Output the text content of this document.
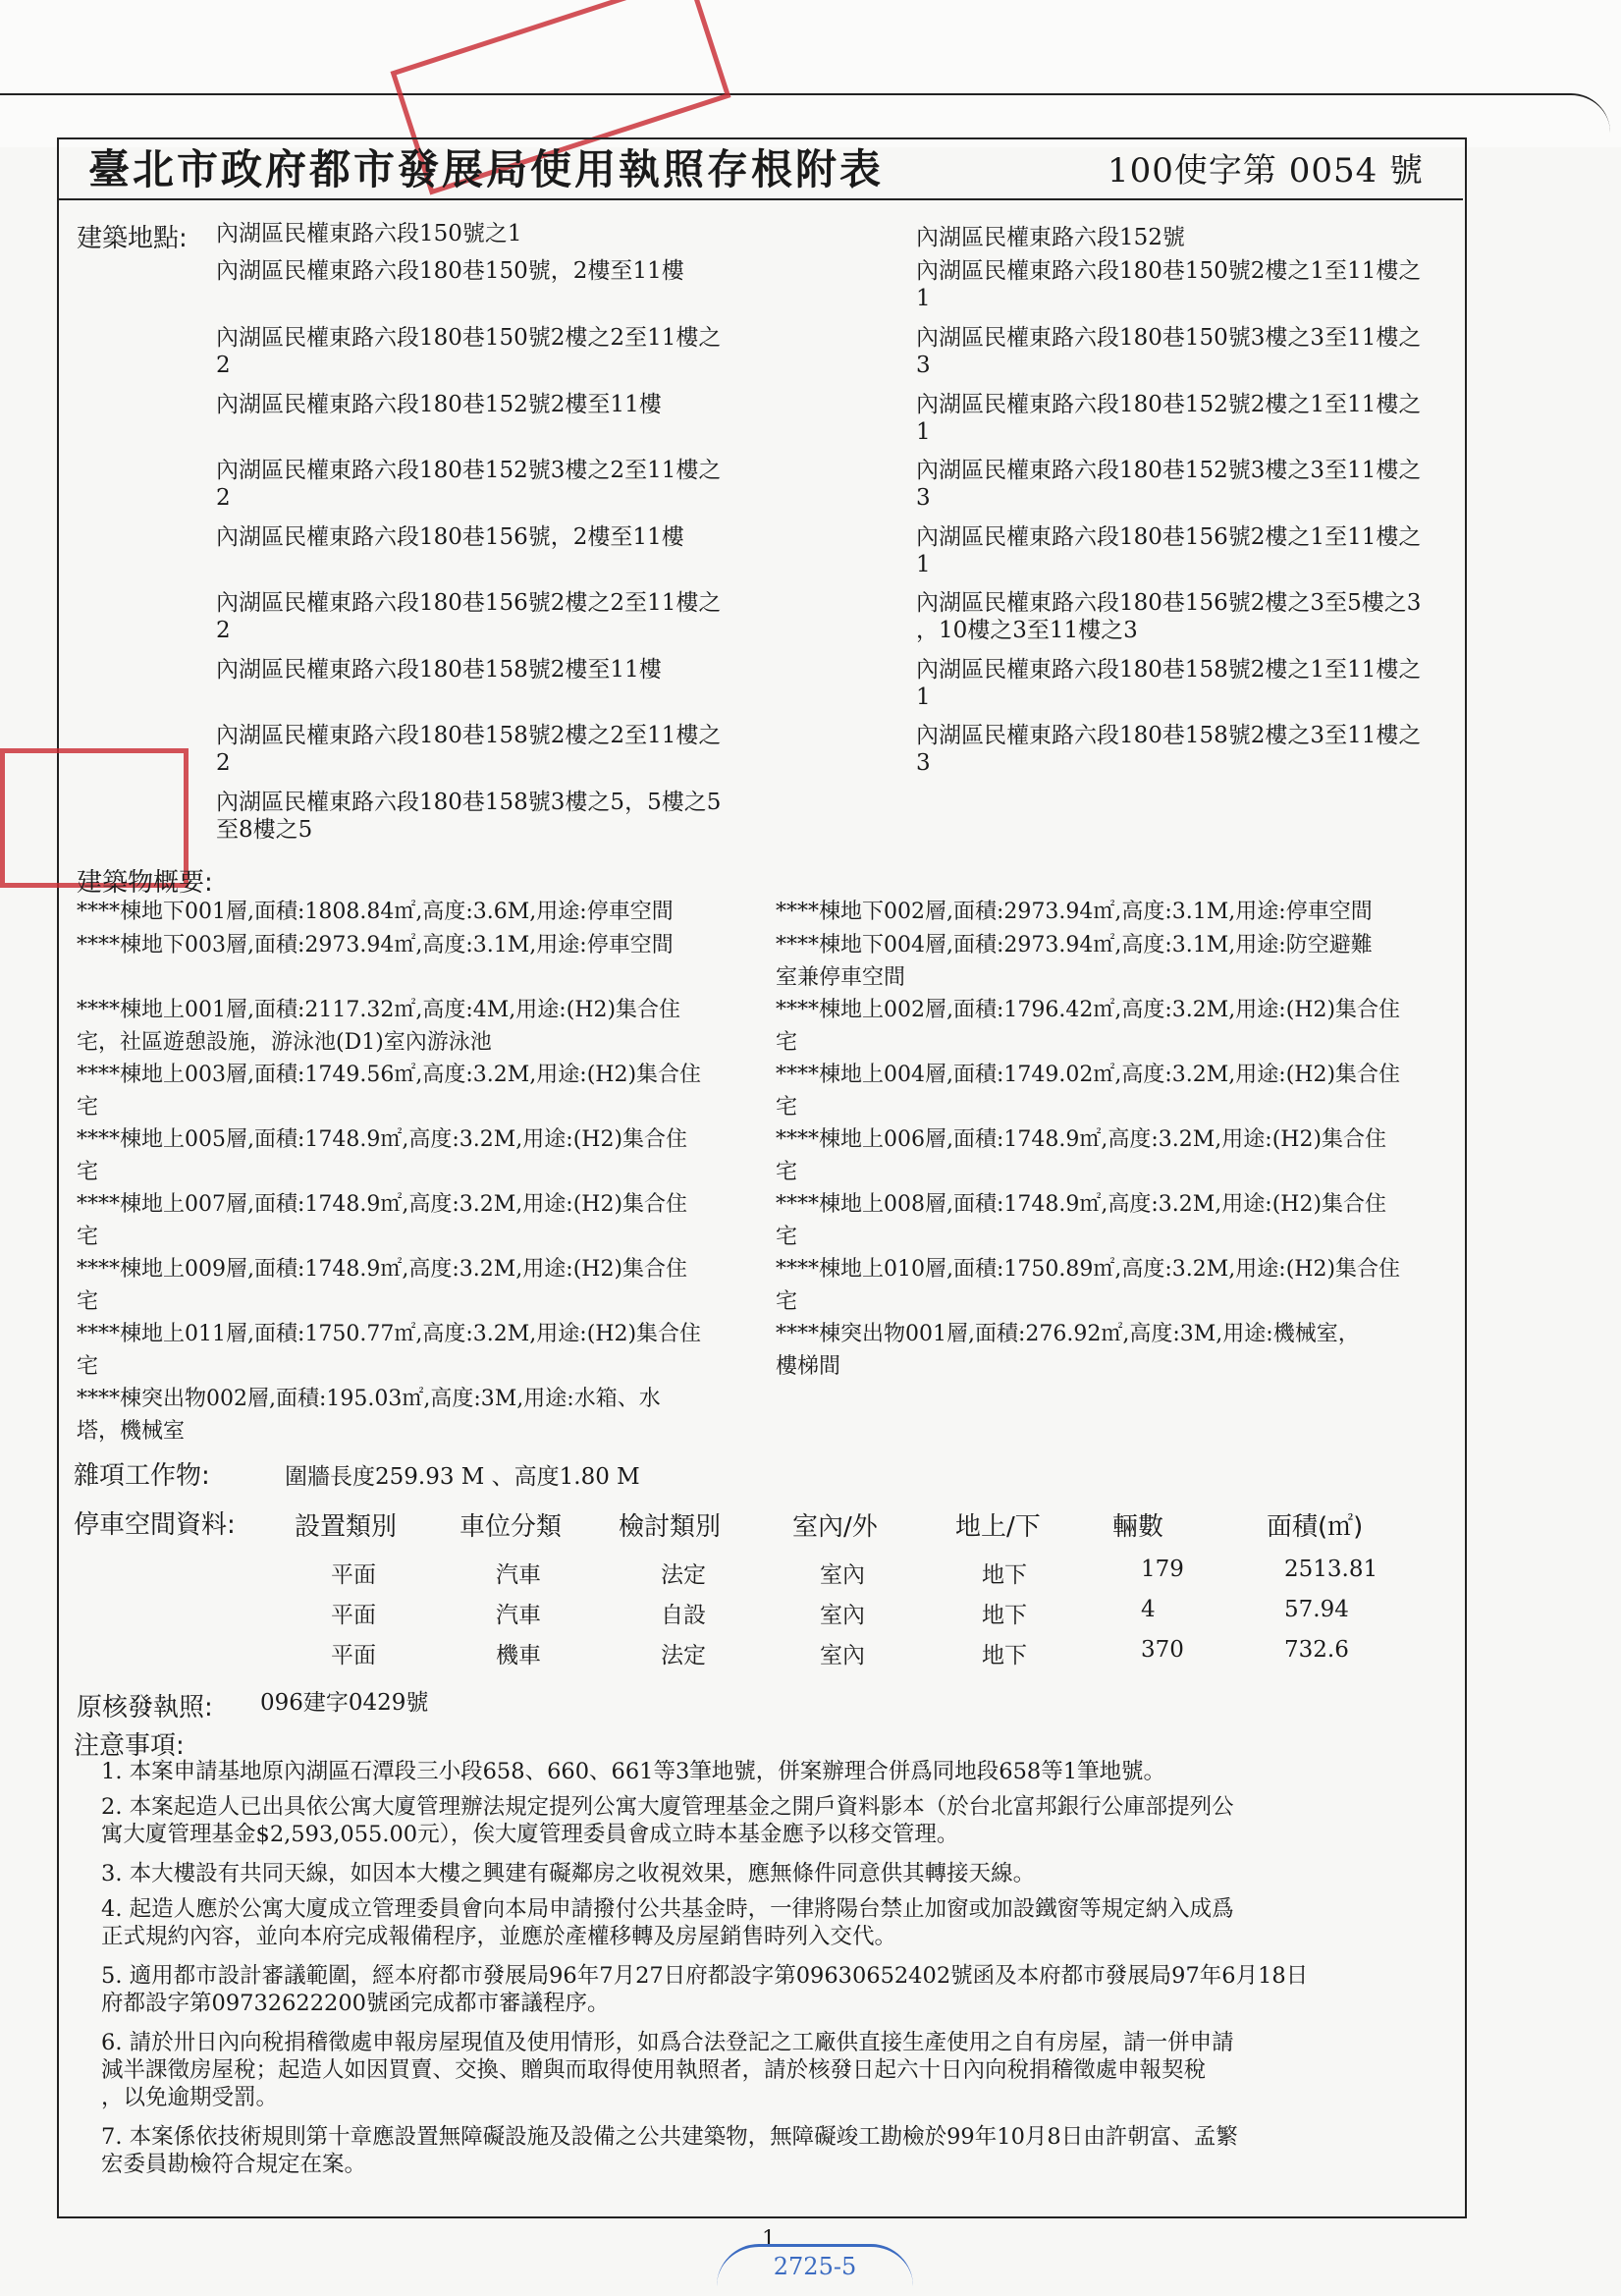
臺北市政府都市發展局使用執照存根附表	100使字第 0054 號
建築地點: 內湖區民權東路六段150號之1
內湖區民權東路六段180巷150號，2樓至11樓
內湖區民權東路六段180巷150號2樓之2至11樓之
2
內湖區民權東路六段180巷152號2樓至11樓
內湖區民權東路六段180巷152號3樓之2至11樓之
2
內湖區民權東路六段180巷156號，2樓至11樓
內湖區民權東路六段180巷156號2樓之2至11樓之
2
內湖區民權東路六段180巷158號2樓至11樓
內湖區民權東路六段180巷158號2樓之2至11樓之
2
內湖區民權東路六段180巷158號3樓之5，5樓之5
至8樓之5
內湖區民權東路六段152號
內湖區民權東路六段180巷150號2樓之1至11樓之
1
內湖區民權東路六段180巷150號3樓之3至11樓之
3
內湖區民權東路六段180巷152號2樓之1至11樓之
1
內湖區民權東路六段180巷152號3樓之3至11樓之
3
內湖區民權東路六段180巷156號2樓之1至11樓之
1
內湖區民權東路六段180巷156號2樓之3至5樓之3
，10樓之3至11樓之3
內湖區民權東路六段180巷158號2樓之1至11樓之
1
內湖區民權東路六段180巷158號2樓之3至11樓之
3
建築物概要:
****棟地下001層,面積:1808.84㎡,高度:3.6M,用途:停車空間
****棟地下003層,面積:2973.94㎡,高度:3.1M,用途:停車空間
****棟地上001層,面積:2117.32㎡,高度:4M,用途:(H2)集合住
宅，社區遊憩設施，游泳池(D1)室內游泳池
****棟地上003層,面積:1749.56㎡,高度:3.2M,用途:(H2)集合住
宅
****棟地上005層,面積:1748.9㎡,高度:3.2M,用途:(H2)集合住
宅
****棟地上007層,面積:1748.9㎡,高度:3.2M,用途:(H2)集合住
宅
****棟地上009層,面積:1748.9㎡,高度:3.2M,用途:(H2)集合住
宅
****棟地上011層,面積:1750.77㎡,高度:3.2M,用途:(H2)集合住
宅
****棟突出物002層,面積:195.03㎡,高度:3M,用途:水箱、水
塔，機械室
****棟地下002層,面積:2973.94㎡,高度:3.1M,用途:停車空間
****棟地下004層,面積:2973.94㎡,高度:3.1M,用途:防空避難
室兼停車空間
****棟地上002層,面積:1796.42㎡,高度:3.2M,用途:(H2)集合住
宅
****棟地上004層,面積:1749.02㎡,高度:3.2M,用途:(H2)集合住
宅
****棟地上006層,面積:1748.9㎡,高度:3.2M,用途:(H2)集合住
宅
****棟地上008層,面積:1748.9㎡,高度:3.2M,用途:(H2)集合住
宅
****棟地上010層,面積:1750.89㎡,高度:3.2M,用途:(H2)集合住
宅
****棟突出物001層,面積:276.92㎡,高度:3M,用途:機械室，
樓梯間
雜項工作物:	圍牆長度259.93 M 、高度1.80 M
停車空間資料: 設置類別 車位分類 檢討類別	室內/外	地上/下	輛數	面積(㎡)
平面	汽車	法定	室內	地下	179	2513.81
平面	汽車	自設	室內	地下	4	57.94
平面	機車	法定	室內	地下	370	732.6
原核發執照: 096建字0429號
注意事項:
1. 本案申請基地原內湖區石潭段三小段658、660、661等3筆地號，併案辦理合併爲同地段658等1筆地號。
2. 本案起造人已出具依公寓大廈管理辦法規定提列公寓大廈管理基金之開戶資料影本（於台北富邦銀行公庫部提列公
寓大廈管理基金$2,593,055.00元），俟大廈管理委員會成立時本基金應予以移交管理。
3. 本大樓設有共同天線，如因本大樓之興建有礙鄰房之收視效果，應無條件同意供其轉接天線。
4. 起造人應於公寓大廈成立管理委員會向本局申請撥付公共基金時，一律將陽台禁止加窗或加設鐵窗等規定納入成爲
正式規約內容，並向本府完成報備程序，並應於產權移轉及房屋銷售時列入交代。
5. 適用都市設計審議範圍，經本府都市發展局96年7月27日府都設字第09630652402號函及本府都市發展局97年6月18日
府都設字第09732622200號函完成都市審議程序。
6. 請於卅日內向稅捐稽徵處申報房屋現值及使用情形，如爲合法登記之工廠供直接生產使用之自有房屋，請一併申請
減半課徵房屋稅；起造人如因買賣、交換、贈與而取得使用執照者，請於核發日起六十日內向稅捐稽徵處申報契稅
，以免逾期受罰。
7. 本案係依技術規則第十章應設置無障礙設施及設備之公共建築物，無障礙竣工勘檢於99年10月8日由許朝富、孟繁
宏委員勘檢符合規定在案。
1
2725-5
